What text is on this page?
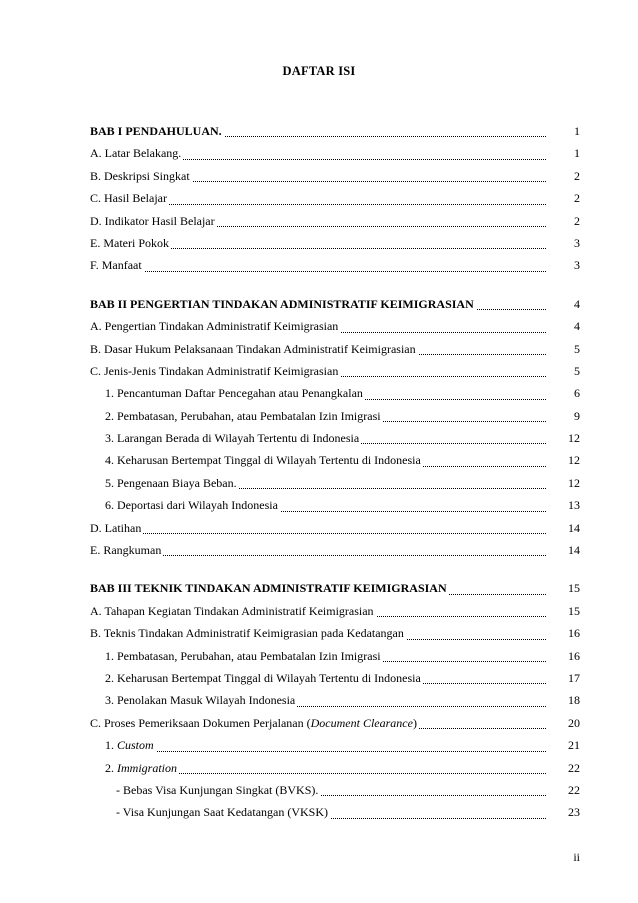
DAFTAR ISI
BAB I PENDAHULUAN.	1
A. Latar Belakang.	1
B. Deskripsi Singkat	2
C. Hasil Belajar	2
D. Indikator Hasil Belajar	2
E. Materi Pokok	3
F. Manfaat	3
BAB II PENGERTIAN TINDAKAN ADMINISTRATIF KEIMIGRASIAN	4
A. Pengertian Tindakan Administratif Keimigrasian	4
B. Dasar Hukum Pelaksanaan Tindakan Administratif Keimigrasian	5
C. Jenis-Jenis Tindakan Administratif Keimigrasian	5
1. Pencantuman Daftar Pencegahan atau Penangkalan	6
2. Pembatasan, Perubahan, atau Pembatalan Izin Imigrasi	9
3. Larangan Berada di Wilayah Tertentu di Indonesia	12
4. Keharusan Bertempat Tinggal di Wilayah Tertentu di Indonesia	12
5. Pengenaan Biaya Beban.	12
6. Deportasi dari Wilayah Indonesia	13
D. Latihan	14
E. Rangkuman	14
BAB III TEKNIK TINDAKAN ADMINISTRATIF KEIMIGRASIAN	15
A. Tahapan Kegiatan Tindakan Administratif Keimigrasian	15
B. Teknis Tindakan Administratif Keimigrasian pada Kedatangan	16
1. Pembatasan, Perubahan, atau Pembatalan Izin Imigrasi	16
2. Keharusan Bertempat Tinggal di Wilayah Tertentu di Indonesia	17
3. Penolakan Masuk Wilayah Indonesia	18
C. Proses Pemeriksaan Dokumen Perjalanan (Document Clearance)	20
1. Custom	21
2. Immigration	22
- Bebas Visa Kunjungan Singkat (BVKS).	22
- Visa Kunjungan Saat Kedatangan (VKSK)	23
ii
